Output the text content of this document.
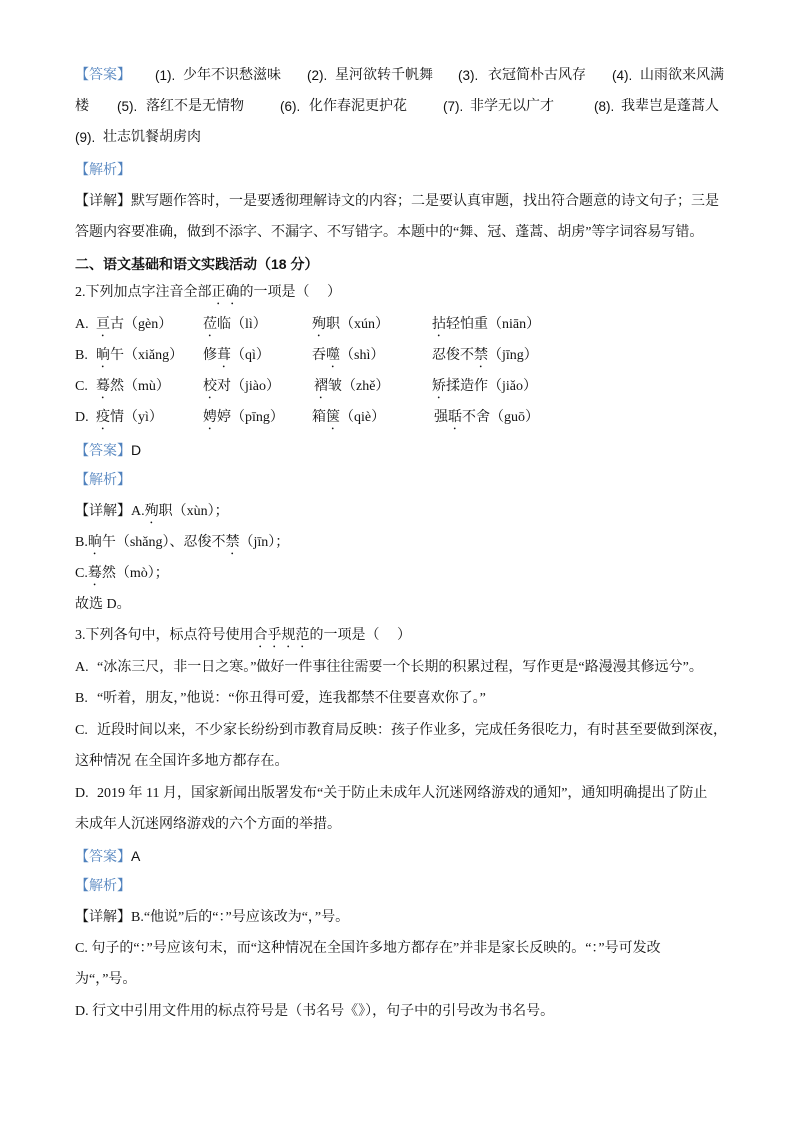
【答案】 (1). 少年不识愁滋味 (2). 星河欲转千帆舞 (3). 衣冠简朴古风存 (4). 山雨欲来风满
楼 (5). 落红不是无情物	(6). 化作春泥更护花	(7). 非学无以广才	(8). 我辈岂是蓬蒿人
(9). 壮志饥餐胡虏肉
【解析】
【详解】默写题作答时，一是要透彻理解诗文的内容；二是要认真审题，找出符合题意的诗文句子；三是
答题内容要准确，做到不添字、不漏字、不写错字。本题中的“舞、冠、蓬蒿、胡虏”等字词容易写错。
二、语文基础和语文实践活动（18 分）
2.下列加点字注音全部正确的一项是（　 ）
A. 亘古（gèn） 莅临（lì）	殉职（xún）	拈轻怕重（niān）
B. 晌午（xiǎng） 修葺（qì）	吞噬（shì）	忍俊不禁（jīng）
C. 蓦然（mù） 校对（jiào） 褶皱（zhě）	矫揉造作（jiǎo）
D. 疫情（yì）	娉婷（pīng） 箱箧（qiè）	强聒不舍（guō）
【答案】D
【解析】
【详解】A.殉职（xùn）；
B.晌午（shǎng）、忍俊不禁（jīn）；
C.蓦然（mò）；
故选 D。
3.下列各句中，标点符号使用合乎规范的一项是（　 ）
A. “冰冻三尺，非一日之寒。”做好一件事往往需要一个长期的积累过程，写作更是“路漫漫其修远兮”。
B. “听着，朋友，”他说：“你丑得可爱，连我都禁不住要喜欢你了。”
C. 近段时间以来，不少家长纷纷到市教育局反映：孩子作业多，完成任务很吃力，有时甚至要做到深夜，
这种情况 在全国许多地方都存在。
D. 2019 年 11 月，国家新闻出版署发布“关于防止未成年人沉迷网络游戏的通知”，通知明确提出了防止
未成年人沉迷网络游戏的六个方面的举措。
【答案】A
【解析】
【详解】B.“他说”后的“：”号应该改为“，”号。
C. 句子的“：”号应该句末，而“这种情况在全国许多地方都存在”并非是家长反映的。“：”号可发改
为“，”号。
D. 行文中引用文件用的标点符号是（书名号《》），句子中的引号改为书名号。
